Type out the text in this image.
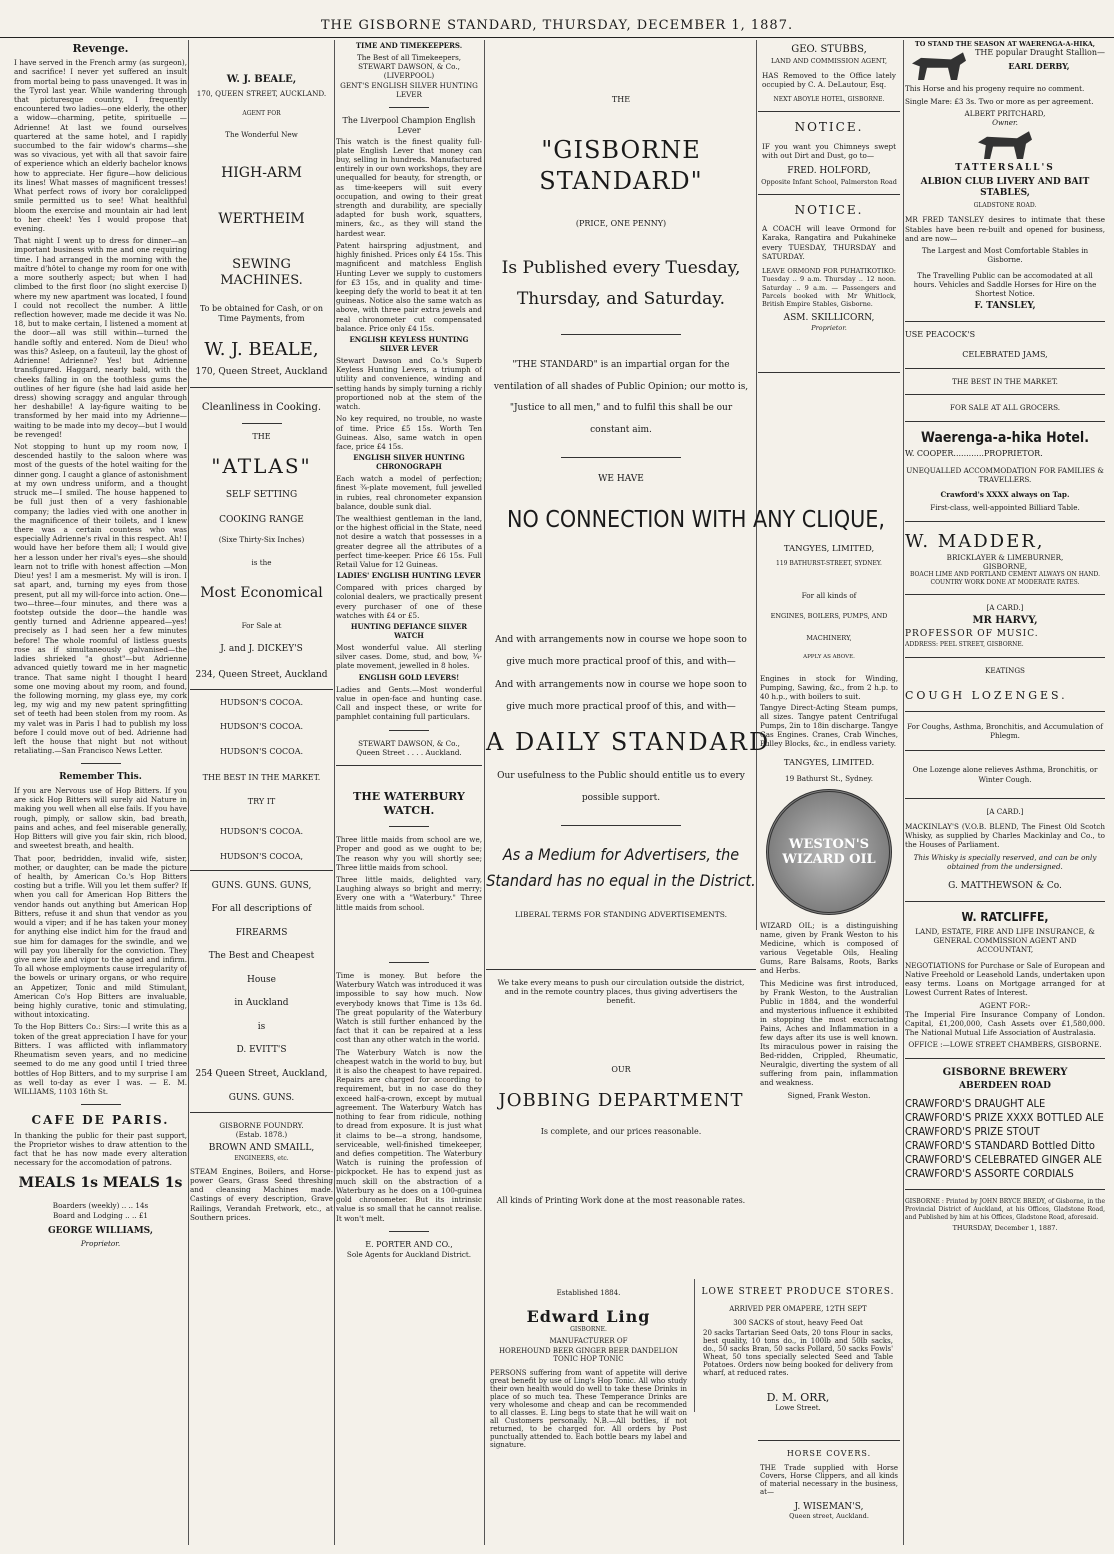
THE GISBORNE STANDARD, THURSDAY, DECEMBER 1, 1887.
Revenge.

I have served in the French army (as surgeon), and sacrifice! I never yet suffered an insult from mortal being to pass unavenged. It was in the Tyrol last year. While wandering through that picturesque country, I frequently encountered two ladies—one elderly, the other a widow—charming, petite, spirituelle — Adrienne! At last we found ourselves quartered at the same hotel, and I rapidly succumbed to the fair widow's charms—she was so vivacious, yet with all that savoir faire of experience which an elderly bachelor knows how to appreciate. Her figure—how delicious its lines! What masses of magnificent tresses! What perfect rows of ivory bor coralclipped smile permitted us to see! What healthful bloom the exercise and mountain air had lent to her cheek! Yes I would propose that evening.

That night I went up to dress for dinner—an important business with me and one requiring time. I had arranged in the morning with the maître d'hôtel to change my room for one with a more southerly aspect; but when I had climbed to the first floor (no slight exercise I) where my new apartment was located, I found I could not recollect the number. A little reflection however, made me decide it was No. 18, but to make certain, I listened a moment at the door—all was still within—turned the handle softly and entered. Nom de Dieu! who was this? Asleep, on a fauteuil, lay the ghost of Adrienne! Adrienne? Yes! but Adrienne transfigured. Haggard, nearly bald, with the cheeks falling in on the toothless gums the outlines of her figure (she had laid aside her dress) showing scraggy and angular through her deshabille! A lay-figure waiting to be transformed by her maid into my Adrienne—waiting to be made into my decoy—but I would be revenged!

Not stopping to hunt up my room now, I descended hastily to the saloon where was most of the guests of the hotel waiting for the dinner gong. I caught a glance of astonishment at my own undress uniform, and a thought struck me—I smiled. The house happened to be full just then of a very fashionable company; the ladies vied with one another in the magnificence of their toilets, and I knew there was a certain countess who was especially Adrienne's rival in this respect. Ah! I would have her before them all; I would give her a lesson under her rival's eyes—she should learn not to trifle with honest affection —Mon Dieu! yes! I am a mesmerist. My will is iron. I sat apart, and, turning my eyes from those present, put all my will-force into action. One—two—three—four minutes, and there was a footstep outside the door—the handle was gently turned and Adrienne appeared—yes! precisely as I had seen her a few minutes before! The whole roomful of listless guests rose as if simultaneously galvanised—the ladies shrieked "a ghost"—but Adrienne advanced quietly toward me in her magnetic trance. That same night I thought I heard some one moving about my room, and found, the following morning, my glass eye, my cork leg, my wig and my new patent springfitting set of teeth had been stolen from my room. As my valet was in Paris I had to publish my loss before I could move out of bed. Adrienne had left the house that night but not without retaliating.—San Francisco News Letter.

Remember This.

If you are Nervous use of Hop Bitters. If you are sick Hop Bitters will surely aid Nature in making you well when all else fails. If you have rough, pimply, or sallow skin, bad breath, pains and aches, and feel miserable generally, Hop Bitters will give you fair skin, rich blood, and sweetest breath, and health.

That poor, bedridden, invalid wife, sister, mother, or daughter, can be made the picture of health, by American Co.'s Hop Bitters costing but a trifle. Will you let them suffer? If when you call for American Hop Bitters the vendor hands out anything but American Hop Bitters, refuse it and shun that vendor as you would a viper; and if he has taken your money for anything else indict him for the fraud and sue him for damages for the swindle, and we will pay you liberally for the conviction. They give new life and vigor to the aged and infirm. To all whose employments cause irregularity of the bowels or urinary organs, or who require an Appetizer, Tonic and mild Stimulant, American Co's Hop Bitters are invaluable, being highly curative, tonic and stimulating, without intoxicating.

To the Hop Bitters Co.: Sirs:—I write this as a token of the great appreciation I have for your Bitters. I was afflicted with inflammatory Rheumatism seven years, and no medicine seemed to do me any good until I tried three bottles of Hop Bitters, and to my surprise I am as well to-day as ever I was. — E. M. WILLIAMS, 1103 16th St.

CAFE DE PARIS.

In thanking the public for their past support, the Proprietor wishes to draw attention to the fact that he has now made every alteration necessary for the accomodation of patrons.

MEALS 1s MEALS 1s
Boarders (weekly) .. .. 14s
Board and Lodging .. .. £1
GEORGE WILLIAMS,
Proprietor.
W. J. BEALE,
170, QUEEN STREET, AUCKLAND.
AGENT FOR
The Wonderful New
HIGH-ARM
WERTHEIM
SEWING MACHINES.
To be obtained for Cash, or on Time Payments, from
W. J. BEALE,
170, Queen Street, Auckland
Cleanliness in Cooking.
THE
"ATLAS"
SELF SETTING
COOKING RANGE
(Sixe Thirty-Six Inches)
is the
Most Economical
For Sale at
J. and J. DICKEY'S
234, Queen Street, Auckland
HUDSON'S COCOA.
HUDSON'S COCOA.
HUDSON'S COCOA.
THE BEST IN THE MARKET.
TRY IT
HUDSON'S COCOA.
HUDSON'S COCOA,
GUNS. GUNS. GUNS,
For all descriptions of
FIREARMS
The Best and Cheapest
House
in Auckland
is
D. EVITT'S
254 Queen Street, Auckland,
GUNS. GUNS.
GISBORNE FOUNDRY.
(Estab. 1878.)
BROWN AND SMAILL,
ENGINEERS, etc.

STEAM Engines, Boilers, and Horse-power Gears, Grass Seed threshing and cleansing Machines made. Castings of every description, Grave Railings, Verandah Fretwork, etc., at Southern prices.

TIME AND TIMEKEEPERS.
The Best of all Timekeepers,
STEWART DAWSON, & Co.,
(LIVERPOOL)
GENT'S ENGLISH SILVER HUNTING LEVER
The Liverpool Champion English Lever

This watch is the finest quality full-plate English Lever that money can buy, selling in hundreds. Manufactured entirely in our own workshops, they are unequalled for beauty, for strength, or as time-keepers will suit every occupation, and owing to their great strength and durability, are specially adapted for bush work, squatters, miners, &c., as they will stand the hardest wear.

Patent hairspring adjustment, and highly finished. Prices only £4 15s. This magnificent and matchless English Hunting Lever we supply to customers for £3 15s, and in quality and time-keeping defy the world to beat it at ten guineas. Notice also the same watch as above, with three pair extra jewels and real chronometer cut compensated balance. Price only £4 15s.

ENGLISH KEYLESS HUNTING SILVER LEVER

Stewart Dawson and Co.'s Superb Keyless Hunting Levers, a triumph of utility and convenience, winding and setting hands by simply turning a richly proportioned nob at the stem of the watch.

No key required, no trouble, no waste of time. Price £5 15s. Worth Ten Guineas. Also, same watch in open face, price £4 15s.

ENGLISH SILVER HUNTING CHRONOGRAPH

Each watch a model of perfection; finest ¾-plate movement, full jewelled in rubies, real chronometer expansion balance, double sunk dial.

The wealthiest gentleman in the land, or the highest official in the State, need not desire a watch that possesses in a greater degree all the attributes of a perfect time-keeper. Price £6 15s. Full Retail Value for 12 Guineas.

LADIES' ENGLISH HUNTING LEVER

Compared with prices charged by colonial dealers, we practically present every purchaser of one of these watches with £4 or £5.

HUNTING DEFIANCE SILVER WATCH

Most wonderful value. All sterling silver cases. Dome, stud, and bow, ¾-plate movement, jewelled in 8 holes.

ENGLISH GOLD LEVERS!

Ladies and Gents.—Most wonderful value in open-face and hunting case. Call and inspect these, or write for pamphlet containing full particulars.

STEWART DAWSON, & Co.,
Queen Street . . . . Auckland.
THE WATERBURY WATCH.

Three little maids from school are we, Proper and good as we ought to be; The reason why you will shortly see; Three little maids from school.

Three little maids, delighted vary, Laughing always so bright and merry; Every one with a "Waterbury." Three little maids from school.

Time is money. But before the Waterbury Watch was introduced it was impossible to say how much. Now everybody knows that Time is 13s 6d. The great popularity of the Waterbury Watch is still further enhanced by the fact that it can be repaired at a less cost than any other watch in the world.

The Waterbury Watch is now the cheapest watch in the world to buy, but it is also the cheapest to have repaired. Repairs are charged for according to requirement, but in no case do they exceed half-a-crown, except by mutual agreement. The Waterbury Watch has nothing to fear from ridicule, nothing to dread from exposure. It is just what it claims to be—a strong, handsome, serviceable, well-finished timekeeper, and defies competition. The Waterbury Watch is ruining the profession of pickpocket. He has to expend just as much skill on the abstraction of a Waterbury as he does on a 100-guinea gold chronometer. But its intrinsic value is so small that he cannot realise. It won't melt.

E. PORTER AND CO.,
Sole Agents for Auckland District.
THE
"GISBORNE STANDARD"
(PRICE, ONE PENNY)
Is Published every Tuesday, Thursday, and Saturday.
"THE STANDARD" is an impartial organ for the ventilation of all shades of Public Opinion; our motto is, "Justice to all men," and to fulfil this shall be our constant aim.
WE HAVE
NO CONNECTION WITH ANY CLIQUE,
GEO. STUBBS,
LAND AND COMMISSION AGENT,

HAS Removed to the Office lately occupied by C. A. DeLautour, Esq.

NEXT ABOYLE HOTEL, GISBORNE.
NOTICE.

IF you want you Chimneys swept with out Dirt and Dust, go to—

FRED. HOLFORD,
Opposite Infant School, Palmerston Road
NOTICE.

A COACH will leave Ormond for Karaka, Rangatira and Pukahineke every TUESDAY, THURSDAY and SATURDAY.

LEAVE ORMOND FOR PUHATIKOTIKO: Tuesday .. 9 a.m. Thursday .. 12 noon. Saturday .. 9 a.m. — Passengers and Parcels booked with Mr Whitlock, British Empire Stables, Gisborne.

ASM. SKILLICORN,
Proprietor.
And with arrangements now in course we hope soon to give much more practical proof of this, and with—
And with arrangements now in course we hope soon to give much more practical proof of this, and with—
A DAILY STANDARD
Our usefulness to the Public should entitle us to every possible support.
As a Medium for Advertisers, the Standard has no equal in the District.
LIBERAL TERMS FOR STANDING ADVERTISEMENTS.
We take every means to push our circulation outside the district, and in the remote country places, thus giving advertisers the benefit.
OUR
JOBBING DEPARTMENT
Is complete, and our prices reasonable.
All kinds of Printing Work done at the most reasonable rates.
TANGYES, LIMITED,
119 BATHURST-STREET, SYDNEY.
For all kinds of
ENGINES, BOILERS, PUMPS, AND
MACHINERY,
APPLY AS ABOVE.

Engines in stock for Winding, Pumping, Sawing, &c., from 2 h.p. to 40 h.p., with boilers to suit.

Tangye Direct-Acting Steam pumps, all sizes. Tangye patent Centrifugal Pumps, 2in to 18in discharge. Tangye Gas Engines. Cranes, Crab Winches, Pulley Blocks, &c., in endless variety.

TANGYES, LIMITED.
19 Bathurst St., Sydney.
WESTON'S WIZARD OIL

WIZARD OIL; is a distinguishing name, given by Frank Weston to his Medicine, which is composed of various Vegetable Oils, Healing Gums, Rare Balsams, Roots, Barks and Herbs.

This Medicine was first introduced, by Frank Weston, to the Australian Public in 1884, and the wonderful and mysterious influence it exhibited in stopping the most excruciating Pains, Aches and Inflammation in a few days after its use is well known. Its miraculous power in raising the Bed-ridden, Crippled, Rheumatic, Neuralgic, diverting the system of all suffering from pain, inflammation and weakness.

Signed, Frank Weston.
Established 1884.
Edward Ling
GISBORNE.
MANUFACTURER OF
HOREHOUND BEER GINGER BEER DANDELION TONIC HOP TONIC

PERSONS suffering from want of appetite will derive great benefit by use of Ling's Hop Tonic. All who study their own health would do well to take these Drinks in place of so much tea. These Temperance Drinks are very wholesome and cheap and can be recommended to all classes. E. Ling begs to state that he will wait on all Customers personally. N.B.—All bottles, if not returned, to be charged for. All orders by Post punctually attended to. Each bottle bears my label and signature.

LOWE STREET PRODUCE STORES.
ARRIVED PER OMAPERE, 12TH SEPT
300 SACKS of stout, heavy Feed Oat

20 sacks Tartarian Seed Oats, 20 tons Flour in sacks, best quality, 10 tons do., in 100lb and 50lb sacks, do., 50 sacks Bran, 50 sacks Pollard, 50 sacks Fowls' Wheat, 50 tons specially selected Seed and Table Potatoes. Orders now being booked for delivery from wharf, at reduced rates.

D. M. ORR,
Lowe Street.
HORSE COVERS.

THE Trade supplied with Horse Covers, Horse Clippers, and all kinds of material necessary in the business, at—

J. WISEMAN'S,
Queen street, Auckland.
TO STAND THE SEASON AT WAERENGA-A-HIKA,
THE popular Draught Stallion—
EARL DERBY,

This Horse and his progeny require no comment.

Single Mare: £3 3s. Two or more as per agreement.

ALBERT PRITCHARD,
Owner.
TATTERSALL'S
ALBION CLUB LIVERY AND BAIT STABLES,
GLADSTONE ROAD.

MR FRED TANSLEY desires to intimate that these Stables have been re-built and opened for business, and are now—

The Largest and Most Comfortable Stables in Gisborne.

The Travelling Public can be accomodated at all hours. Vehicles and Saddle Horses for Hire on the Shortest Notice.

F. TANSLEY,
USE PEACOCK'S
CELEBRATED JAMS,
THE BEST IN THE MARKET.
FOR SALE AT ALL GROCERS.
Waerenga-a-hika Hotel.
W. COOPER............PROPRIETOR.
UNEQUALLED ACCOMMODATION FOR FAMILIES & TRAVELLERS.
Crawford's XXXX always on Tap.
First-class, well-appointed Billiard Table.
W. MADDER,
BRICKLAYER & LIMEBURNER,
GISBORNE,

BOACH LIME AND PORTLAND CEMENT ALWAYS ON HAND. COUNTRY WORK DONE AT MODERATE RATES.

[A CARD.]
MR HARVY,
PROFESSOR OF MUSIC.

ADDRESS: PEEL STREET, GISBORNE.

KEATINGS
COUGH LOZENGES.
For Coughs, Asthma, Bronchitis, and Accumulation of Phlegm.

One Lozenge alone relieves Asthma, Bronchitis, or Winter Cough.

[A CARD.]

MACKINLAY'S (V.O.B. BLEND, The Finest Old Scotch Whisky, as supplied by Charles Mackinlay and Co., to the Houses of Parliament.

This Whisky is specially reserved, and can be only obtained from the undersigned.

G. MATTHEWSON & Co.
W. RATCLIFFE,
LAND, ESTATE, FIRE AND LIFE INSURANCE, & GENERAL COMMISSION AGENT AND ACCOUNTANT,

NEGOTIATIONS for Purchase or Sale of European and Native Freehold or Leasehold Lands, undertaken upon easy terms. Loans on Mortgage arranged for at Lowest Current Rates of Interest.

AGENT FOR:-

The Imperial Fire Insurance Company of London. Capital, £1,200,000, Cash Assets over £1,580,000. The National Mutual Life Association of Australasia.

OFFICE :—LOWE STREET CHAMBERS, GISBORNE.
GISBORNE BREWERY
ABERDEEN ROAD
CRAWFORD'S DRAUGHT ALE
CRAWFORD'S PRIZE XXXX BOTTLED ALE
CRAWFORD'S PRIZE STOUT
CRAWFORD'S STANDARD Bottled Ditto
CRAWFORD'S CELEBRATED GINGER ALE
CRAWFORD'S ASSORTE CORDIALS

GISBORNE : Printed by JOHN BRYCE BREDY, of Gisborne, in the Provincial District of Auckland, at his Offices, Gladstone Road, and Published by him at his Offices, Gladstone Road, aforesaid.

THURSDAY, December 1, 1887.
